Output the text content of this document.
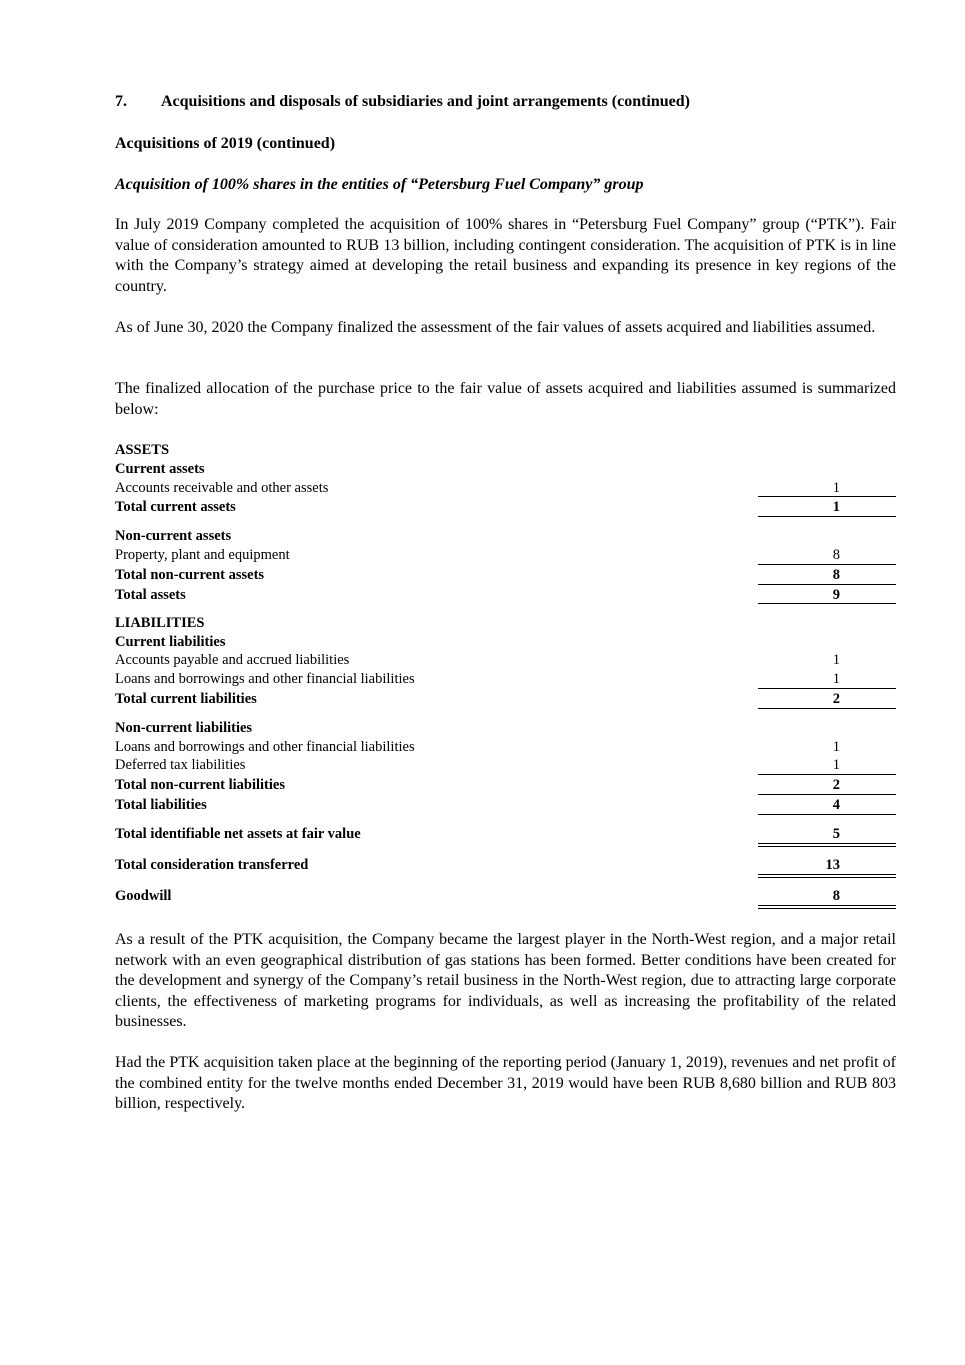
7. Acquisitions and disposals of subsidiaries and joint arrangements (continued)
Acquisitions of 2019 (continued)
Acquisition of 100% shares in the entities of “Petersburg Fuel Company” group
In July 2019 Company completed the acquisition of 100% shares in “Petersburg Fuel Company” group (“PTK”). Fair value of consideration amounted to RUB 13 billion, including contingent consideration. The acquisition of PTK is in line with the Company’s strategy aimed at developing the retail business and expanding its presence in key regions of the country.
As of June 30, 2020 the Company finalized the assessment of the fair values of assets acquired and liabilities assumed.
The finalized allocation of the purchase price to the fair value of assets acquired and liabilities assumed is summarized below:
ASSETS
Current assets
Accounts receivable and other assets	1
Total current assets	1
Non-current assets
Property, plant and equipment	8
Total non-current assets	8
Total assets	9
LIABILITIES
Current liabilities
Accounts payable and accrued liabilities	1
Loans and borrowings and other financial liabilities	1
Total current liabilities	2
Non-current liabilities
Loans and borrowings and other financial liabilities	1
Deferred tax liabilities	1
Total non-current liabilities	2
Total liabilities	4
Total identifiable net assets at fair value	5
Total consideration transferred	13
Goodwill	8
As a result of the PTK acquisition, the Company became the largest player in the North-West region, and a major retail network with an even geographical distribution of gas stations has been formed. Better conditions have been created for the development and synergy of the Company’s retail business in the North-West region, due to attracting large corporate clients, the effectiveness of marketing programs for individuals, as well as increasing the profitability of the related businesses.
Had the PTK acquisition taken place at the beginning of the reporting period (January 1, 2019), revenues and net profit of the combined entity for the twelve months ended December 31, 2019 would have been RUB 8,680 billion and RUB 803 billion, respectively.
